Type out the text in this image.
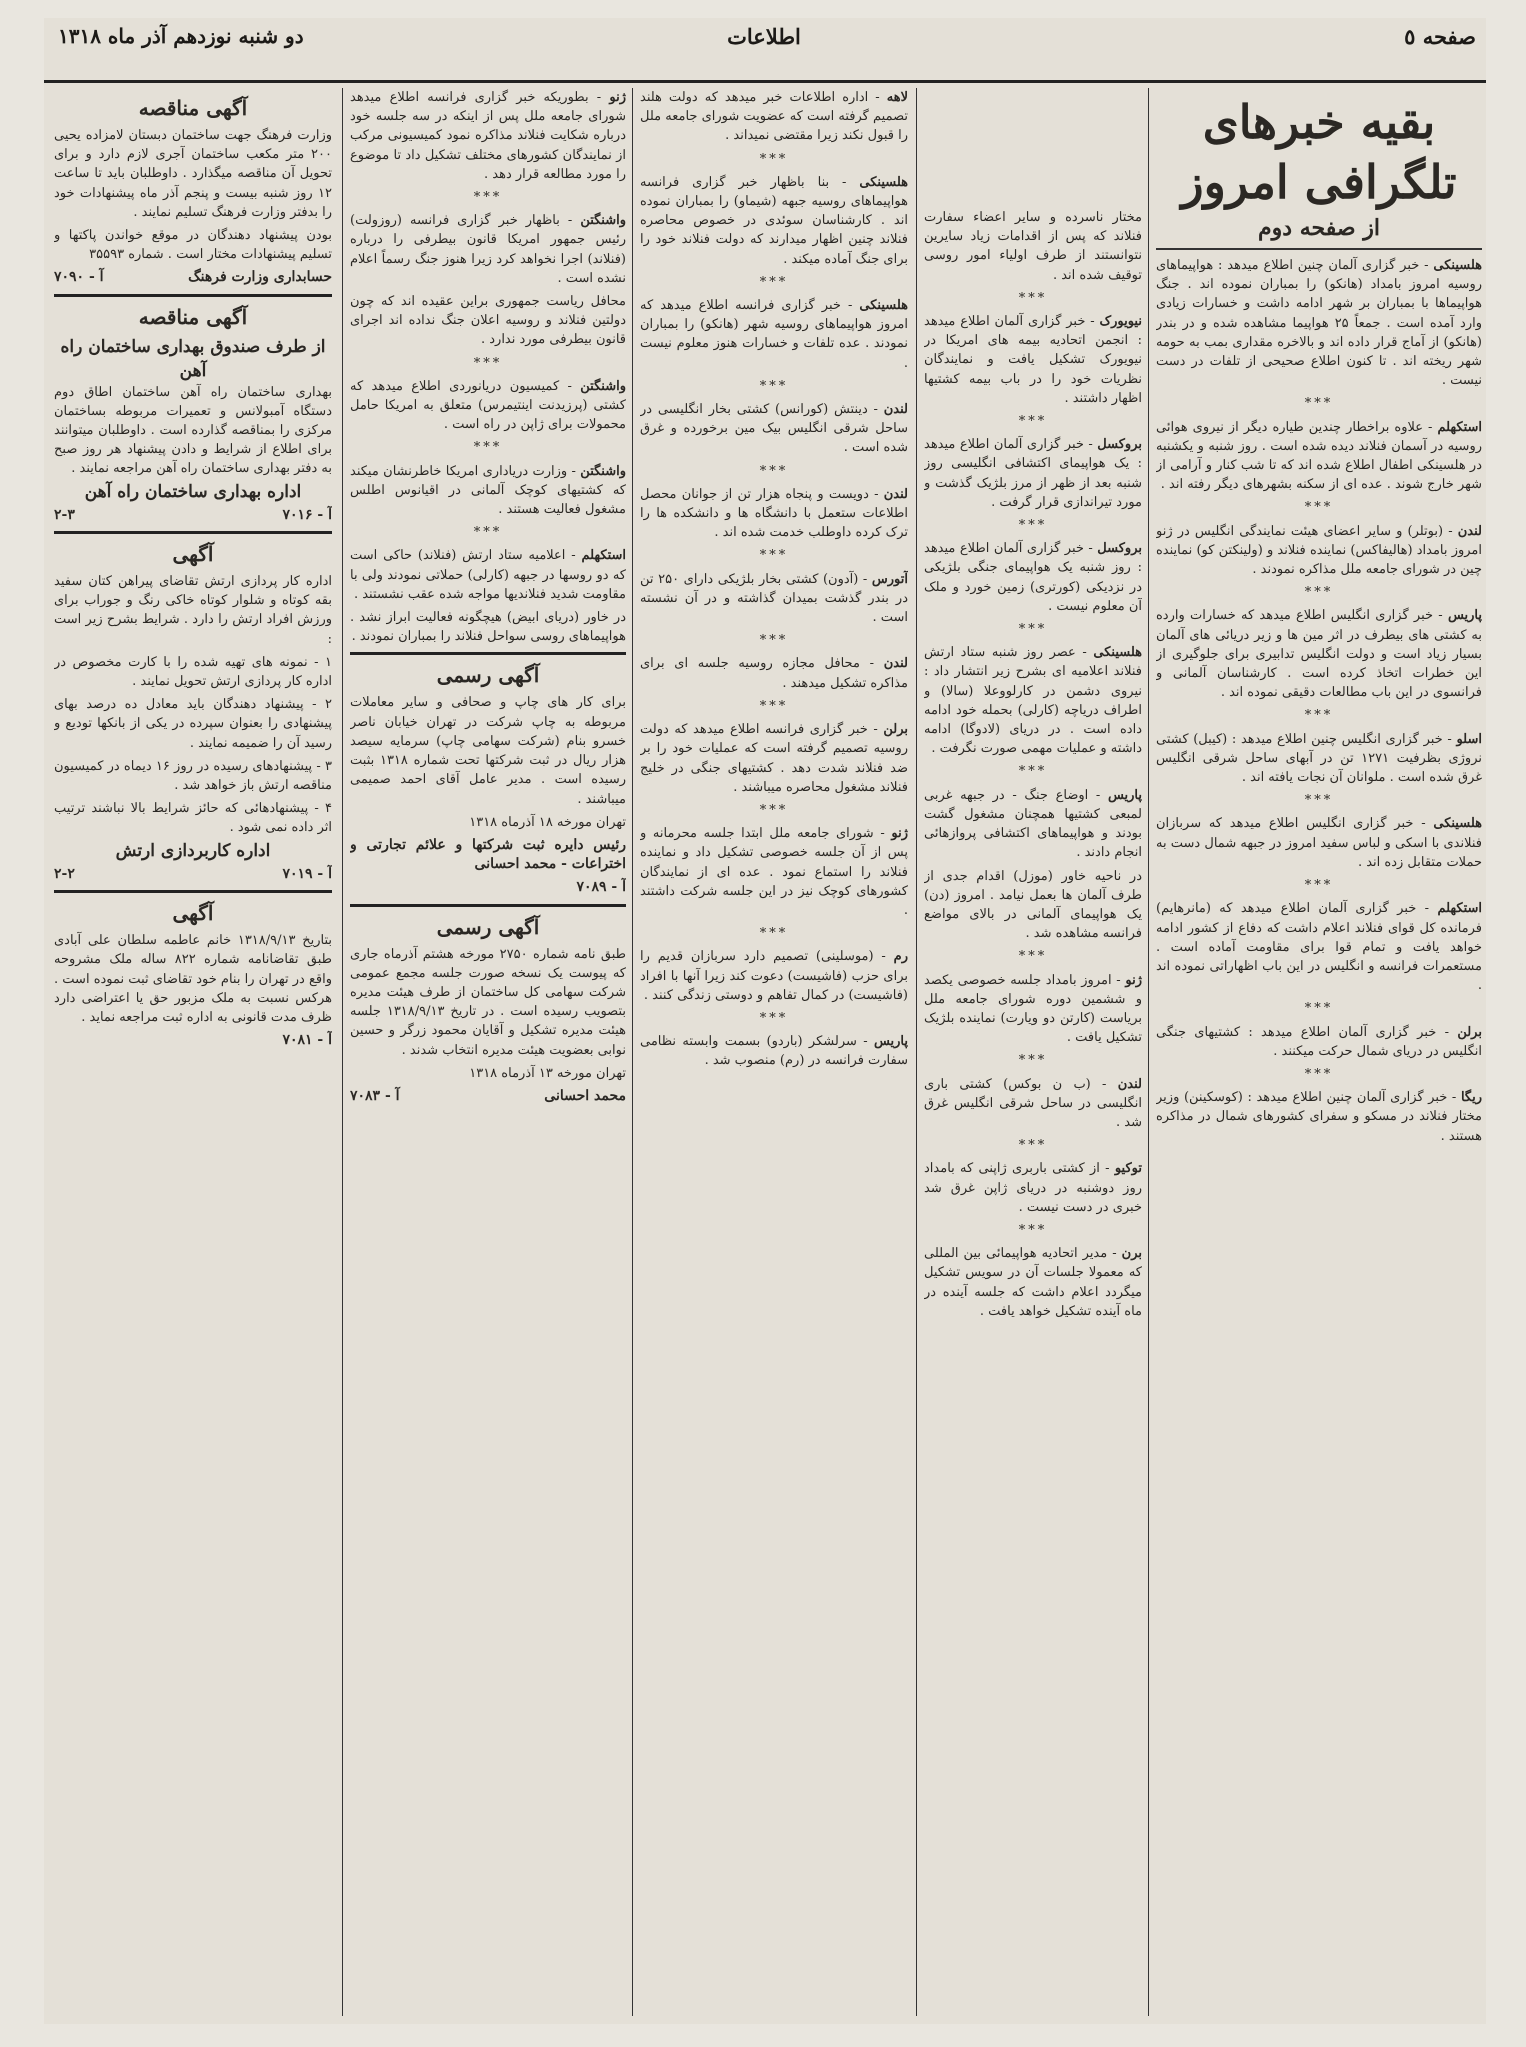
صفحه ٥
اطلاعات
دو شنبه نوزدهم آذر ماه ۱۳۱۸
بقیه خبرهای تلگرافی امروز
از صفحه دوم

هلسینکی - خبر گزاری آلمان چنین اطلاع میدهد : هواپیماهای روسیه امروز بامداد (هانکو) را بمباران نموده اند . جنگ هواپیماها با بمباران بر شهر ادامه داشت و خسارات زیادی وارد آمده است . جمعاً ۲۵ هواپیما مشاهده شده و در بندر (هانکو) از آماج قرار داده اند و بالاخره مقداری بمب به حومه شهر ریخته اند . تا کنون اطلاع صحیحی از تلفات در دست نیست .

***

استکهلم - علاوه براخطار چندین طیاره دیگر از نیروی هوائی روسیه در آسمان فنلاند دیده شده است . روز شنبه و یکشنبه در هلسینکی اطفال اطلاع شده اند که تا شب کنار و آرامی از شهر خارج شوند . عده ای از سکنه بشهرهای دیگر رفته اند .

***

لندن - (بوتلر) و سایر اعضای هیئت نمایندگی انگلیس در ژنو امروز بامداد (هالیفاکس) نماینده فنلاند و (ولینکتن کو) نماینده چین در شورای جامعه ملل مذاکره نمودند .

***

پاریس - خبر گزاری انگلیس اطلاع میدهد که خسارات وارده به کشتی های بیطرف در اثر مین ها و زیر دریائی های آلمان بسیار زیاد است و دولت انگلیس تدابیری برای جلوگیری از این خطرات اتخاذ کرده است . کارشناسان آلمانی و فرانسوی در این باب مطالعات دقیقی نموده اند .

***

اسلو - خبر گزاری انگلیس چنین اطلاع میدهد : (کیبل) کشتی نروژی بظرفیت ۱۲۷۱ تن در آبهای ساحل شرقی انگلیس غرق شده است . ملوانان آن نجات یافته اند .

***

هلسینکی - خبر گزاری انگلیس اطلاع میدهد که سربازان فنلاندی با اسکی و لباس سفید امروز در جبهه شمال دست به حملات متقابل زده اند .

***

استکهلم - خبر گزاری آلمان اطلاع میدهد که (مانرهایم) فرمانده کل قوای فنلاند اعلام داشت که دفاع از کشور ادامه خواهد یافت و تمام قوا برای مقاومت آماده است . مستعمرات فرانسه و انگلیس در این باب اظهاراتی نموده اند .

***

برلن - خبر گزاری آلمان اطلاع میدهد : کشتیهای جنگی انگلیس در دریای شمال حرکت میکنند .

***

ریگا - خبر گزاری آلمان چنین اطلاع میدهد : (کوسکینن) وزیر مختار فنلاند در مسکو و سفرای کشورهای شمال در مذاکره هستند .

مختار ناسرده و سایر اعضاء سفارت فنلاند که پس از اقدامات زیاد سایرین نتوانستند از طرف اولیاء امور روسی توقیف شده اند .

***

نیویورک - خبر گزاری آلمان اطلاع میدهد : انجمن اتحادیه بیمه های امریکا در نیویورک تشکیل یافت و نمایندگان نظریات خود را در باب بیمه کشتیها اظهار داشتند .

***

بروکسل - خبر گزاری آلمان اطلاع میدهد : یک هواپیمای اکتشافی انگلیسی روز شنبه بعد از ظهر از مرز بلژیک گذشت و مورد تیراندازی قرار گرفت .

***

بروکسل - خبر گزاری آلمان اطلاع میدهد : روز شنبه یک هواپیمای جنگی بلژیکی در نزدیکی (کورتری) زمین خورد و ملک آن معلوم نیست .

***

هلسینکی - عصر روز شنبه ستاد ارتش فنلاند اعلامیه ای بشرح زیر انتشار داد : نیروی دشمن در کارلووعلا (سالا) و اطراف دریاچه (کارلی) بحمله خود ادامه داده است . در دریای (لادوگا) ادامه داشته و عملیات مهمی صورت نگرفت .

***

پاریس - اوضاع جنگ - در جبهه غربی لمبعی کشتیها همچنان مشغول گشت بودند و هواپیماهای اکتشافی پروازهائی انجام دادند .

در ناحیه خاور (موزل) اقدام جدی از طرف آلمان ها بعمل نیامد . امروز (دن) یک هواپیمای آلمانی در بالای مواضع فرانسه مشاهده شد .

***

ژنو - امروز بامداد جلسه خصوصی یکصد و ششمین دوره شورای جامعه ملل بریاست (کارتن دو ویارت) نماینده بلژیک تشکیل یافت .

***

لندن - (ب ن بوکس) کشتی باری انگلیسی در ساحل شرقی انگلیس غرق شد .

***

توکیو - از کشتی باربری ژاپنی که بامداد روز دوشنبه در دریای ژاپن غرق شد خبری در دست نیست .

***

برن - مدیر اتحادیه هواپیمائی بین المللی که معمولا جلسات آن در سویس تشکیل میگردد اعلام داشت که جلسه آینده در ماه آینده تشکیل خواهد یافت .

لاهه - اداره اطلاعات خبر میدهد که دولت هلند تصمیم گرفته است که عضویت شورای جامعه ملل را قبول نکند زیرا مقتضی نمیداند .

***

هلسینکی - بنا باظهار خبر گزاری فرانسه هواپیماهای روسیه جبهه (شیماو) را بمباران نموده اند . کارشناسان سوئدی در خصوص محاصره فنلاند چنین اظهار میدارند که دولت فنلاند خود را برای جنگ آماده میکند .

***

هلسینکی - خبر گزاری فرانسه اطلاع میدهد که امروز هواپیماهای روسیه شهر (هانکو) را بمباران نمودند . عده تلفات و خسارات هنوز معلوم نیست .

***

لندن - دینتش (کورانس) کشتی بخار انگلیسی در ساحل شرقی انگلیس بیک مین برخورده و غرق شده است .

***

لندن - دویست و پنجاه هزار تن از جوانان محصل اطلاعات ستعمل با دانشگاه ها و دانشکده ها را ترک کرده داوطلب خدمت شده اند .

***

آتورس - (آدون) کشتی بخار بلژیکی دارای ۲۵۰ تن در بندر گذشت بمیدان گذاشته و در آن نشسته است .

***

لندن - محافل مجازه روسیه جلسه ای برای مذاکره تشکیل میدهند .

***

برلن - خبر گزاری فرانسه اطلاع میدهد که دولت روسیه تصمیم گرفته است که عملیات خود را بر ضد فنلاند شدت دهد . کشتیهای جنگی در خلیج فنلاند مشغول محاصره میباشند .

***

ژنو - شورای جامعه ملل ابتدا جلسه محرمانه و پس از آن جلسه خصوصی تشکیل داد و نماینده فنلاند را استماع نمود . عده ای از نمایندگان کشورهای کوچک نیز در این جلسه شرکت داشتند .

***

رم - (موسلینی) تصمیم دارد سربازان قدیم را برای حزب (فاشیست) دعوت کند زیرا آنها با افراد (فاشیست) در کمال تفاهم و دوستی زندگی کنند .

***

پاریس - سرلشکر (باردو) بسمت وابسته نظامی سفارت فرانسه در (رم) منصوب شد .

ژنو - بطوریکه خبر گزاری فرانسه اطلاع میدهد شورای جامعه ملل پس از اینکه در سه جلسه خود درباره شکایت فنلاند مذاکره نمود کمیسیونی مرکب از نمایندگان کشورهای مختلف تشکیل داد تا موضوع را مورد مطالعه قرار دهد .

***

واشنگتن - باظهار خبر گزاری فرانسه (روزولت) رئیس جمهور امریکا قانون بیطرفی را درباره (فنلاند) اجرا نخواهد کرد زیرا هنوز جنگ رسماً اعلام نشده است .

محافل ریاست جمهوری براین عقیده اند که چون دولتین فنلاند و روسیه اعلان جنگ نداده اند اجرای قانون بیطرفی مورد ندارد .

***

واشنگتن - کمیسیون دریانوردی اطلاع میدهد که کشتی (پرزیدنت اینتیمرس) متعلق به امریکا حامل محمولات برای ژاپن در راه است .

***

واشنگتن - وزارت دریاداری امریکا خاطرنشان میکند که کشتیهای کوچک آلمانی در اقیانوس اطلس مشغول فعالیت هستند .

***

استکهلم - اعلامیه ستاد ارتش (فنلاند) حاکی است که دو روسها در جبهه (کارلی) حملاتی نمودند ولی با مقاومت شدید فنلاندیها مواجه شده عقب نشستند .

در خاور (دریای ابیض) هیچگونه فعالیت ابراز نشد . هواپیماهای روسی سواحل فنلاند را بمباران نمودند .

آگهی رسمی

برای کار های چاپ و صحافی و سایر معاملات مربوطه به چاپ شرکت در تهران خیابان ناصر خسرو بنام (شرکت سهامی چاپ) سرمایه سیصد هزار ریال در ثبت شرکتها تحت شماره ۱۳۱۸ بثبت رسیده است . مدیر عامل آقای احمد صمیمی میباشند .

تهران مورخه ۱۸ آذرماه ۱۳۱۸

رئیس دایره ثبت شرکتها و علائم تجارتی و اختراعات - محمد احسانی
آ - ۷۰۸۹
آگهی رسمی

طبق نامه شماره ۲۷۵۰ مورخه هشتم آذرماه جاری که پیوست یک نسخه صورت جلسه مجمع عمومی شرکت سهامی کل ساختمان از طرف هیئت مدیره بتصویب رسیده است . در تاریخ ۱۳۱۸/۹/۱۳ جلسه هیئت مدیره تشکیل و آقایان محمود زرگر و حسین نوابی بعضویت هیئت مدیره انتخاب شدند .

تهران مورخه ۱۳ آذرماه ۱۳۱۸

محمد احسانی
آ - ۷۰۸۳
آگهی مناقصه

وزارت فرهنگ جهت ساختمان دبستان لامزاده یحیی ۲۰۰ متر مکعب ساختمان آجری لازم دارد و برای تحویل آن مناقصه میگذارد . داوطلبان باید تا ساعت ۱۲ روز شنبه بیست و پنجم آذر ماه پیشنهادات خود را بدفتر وزارت فرهنگ تسلیم نمایند .

بودن پیشنهاد دهندگان در موقع خواندن پاکتها و تسلیم پیشنهادات مختار است . شماره ۳۵۵۹۳

حسابداری وزارت فرهنگ
آ - ۷۰۹۰
آگهی مناقصه
از طرف صندوق بهداری ساختمان راه آهن

بهداری ساختمان راه آهن ساختمان اطاق دوم دستگاه آمبولانس و تعمیرات مربوطه بساختمان مرکزی را بمناقصه گذارده است . داوطلبان میتوانند برای اطلاع از شرایط و دادن پیشنهاد هر روز صبح به دفتر بهداری ساختمان راه آهن مراجعه نمایند .

اداره بهداری ساختمان راه آهن
آ - ۷۰۱۶
۲-۳
آگهی

اداره کار پردازی ارتش تقاضای پیراهن کتان سفید بقه کوتاه و شلوار کوتاه خاکی رنگ و جوراب برای ورزش افراد ارتش را دارد . شرایط بشرح زیر است :

۱ - نمونه های تهیه شده را با کارت مخصوص در اداره کار پردازی ارتش تحویل نمایند .

۲ - پیشنهاد دهندگان باید معادل ده درصد بهای پیشنهادی را بعنوان سپرده در یکی از بانکها تودیع و رسید آن را ضمیمه نمایند .

۳ - پیشنهادهای رسیده در روز ۱۶ دیماه در کمیسیون مناقصه ارتش باز خواهد شد .

۴ - پیشنهادهائی که حائز شرایط بالا نباشند ترتیب اثر داده نمی شود .

اداره کاربردازی ارتش
آ - ۷۰۱۹
۲-۲
آگهی

بتاریخ ۱۳۱۸/۹/۱۳ خانم عاطمه سلطان علی آبادی طبق تقاضانامه شماره ۸۲۲ ساله ملک مشروحه واقع در تهران را بنام خود تقاضای ثبت نموده است . هرکس نسبت به ملک مزبور حق یا اعتراضی دارد ظرف مدت قانونی به اداره ثبت مراجعه نماید .

آ - ۷۰۸۱
